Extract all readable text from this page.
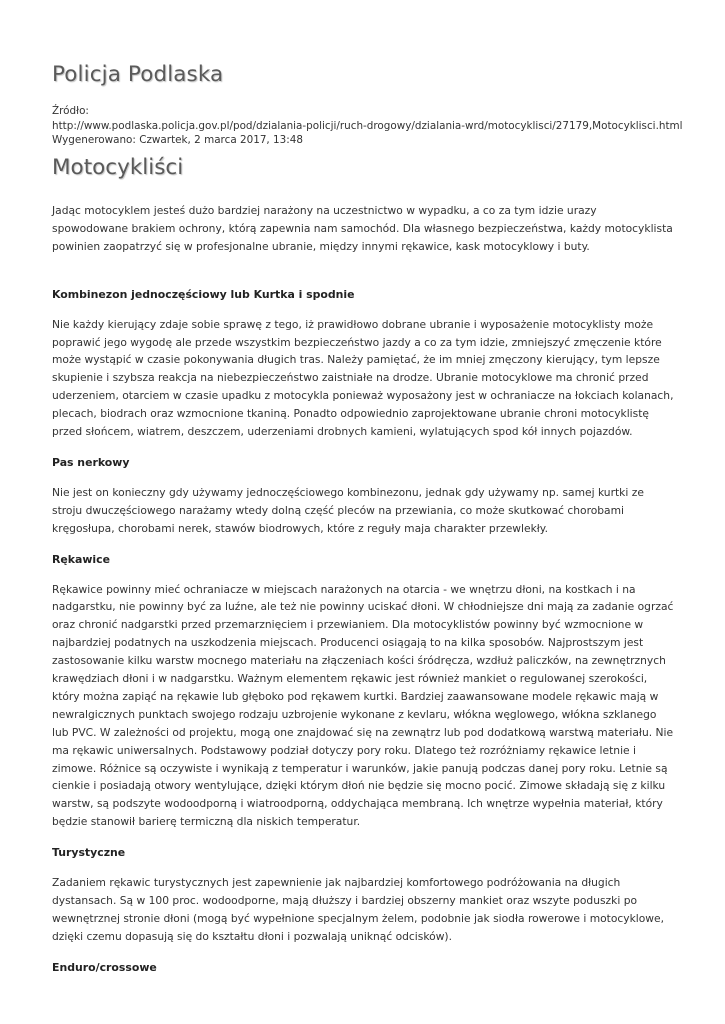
Policja Podlaska
Źródło:
http://www.podlaska.policja.gov.pl/pod/dzialania-policji/ruch-drogowy/dzialania-wrd/motocyklisci/27179,Motocyklisci.html
Wygenerowano: Czwartek, 2 marca 2017, 13:48
Motocykliści

Jadąc motocyklem jesteś dużo bardziej narażony na uczestnictwo w wypadku, a co za tym idzie urazy spowodowane brakiem ochrony, którą zapewnia nam samochód. Dla własnego bezpieczeństwa, każdy motocyklista powinien zaopatrzyć się w profesjonalne ubranie, między innymi rękawice, kask motocyklowy i buty.

Kombinezon jednoczęściowy lub Kurtka i spodnie

Nie każdy kierujący zdaje sobie sprawę z tego, iż prawidłowo dobrane ubranie i wyposażenie motocyklisty może poprawić jego wygodę ale przede wszystkim bezpieczeństwo jazdy a co za tym idzie, zmniejszyć zmęczenie które może wystąpić w czasie pokonywania długich tras. Należy pamiętać, że im mniej zmęczony kierujący, tym lepsze skupienie i szybsza reakcja na niebezpieczeństwo zaistniałe na drodze. Ubranie motocyklowe ma chronić przed uderzeniem, otarciem w czasie upadku z motocykla ponieważ wyposażony jest w ochraniacze na łokciach kolanach, plecach, biodrach oraz wzmocnione tkaniną. Ponadto odpowiednio zaprojektowane ubranie chroni motocyklistę przed słońcem, wiatrem, deszczem, uderzeniami drobnych kamieni, wylatujących spod kół innych pojazdów.

Pas nerkowy

Nie jest on konieczny gdy używamy jednoczęściowego kombinezonu, jednak gdy używamy np. samej kurtki ze stroju dwuczęściowego narażamy wtedy dolną część pleców na przewiania, co może skutkować chorobami kręgosłupa, chorobami nerek, stawów biodrowych, które z reguły maja charakter przewlekły.

Rękawice

Rękawice powinny mieć ochraniacze w miejscach narażonych na otarcia - we wnętrzu dłoni, na kostkach i na nadgarstku, nie powinny być za luźne, ale też nie powinny uciskać dłoni. W chłodniejsze dni mają za zadanie ogrzać oraz chronić nadgarstki przed przemarznięciem i przewianiem. Dla motocyklistów powinny być wzmocnione w najbardziej podatnych na uszkodzenia miejscach. Producenci osiągają to na kilka sposobów. Najprostszym jest zastosowanie kilku warstw mocnego materiału na złączeniach kości śródręcza, wzdłuż paliczków, na zewnętrznych krawędziach dłoni i w nadgarstku. Ważnym elementem rękawic jest również mankiet o regulowanej szerokości, który można zapiąć na rękawie lub głęboko pod rękawem kurtki. Bardziej zaawansowane modele rękawic mają w newralgicznych punktach swojego rodzaju uzbrojenie wykonane z kevlaru, włókna węglowego, włókna szklanego lub PVC. W zależności od projektu, mogą one znajdować się na zewnątrz lub pod dodatkową warstwą materiału. Nie ma rękawic uniwersalnych. Podstawowy podział dotyczy pory roku. Dlatego też rozróżniamy rękawice letnie i zimowe. Różnice są oczywiste i wynikają z temperatur i warunków, jakie panują podczas danej pory roku. Letnie są cienkie i posiadają otwory wentylujące, dzięki którym dłoń nie będzie się mocno pocić. Zimowe składają się z kilku warstw, są podszyte wodoodporną i wiatroodporną, oddychająca membraną. Ich wnętrze wypełnia materiał, który będzie stanowił barierę termiczną dla niskich temperatur.

Turystyczne

Zadaniem rękawic turystycznych jest zapewnienie jak najbardziej komfortowego podróżowania na długich dystansach. Są w 100 proc. wodoodporne, mają dłuższy i bardziej obszerny mankiet oraz wszyte poduszki po wewnętrznej stronie dłoni (mogą być wypełnione specjalnym żelem, podobnie jak siodła rowerowe i motocyklowe, dzięki czemu dopasują się do kształtu dłoni i pozwalają uniknąć odcisków).

Enduro/crossowe
